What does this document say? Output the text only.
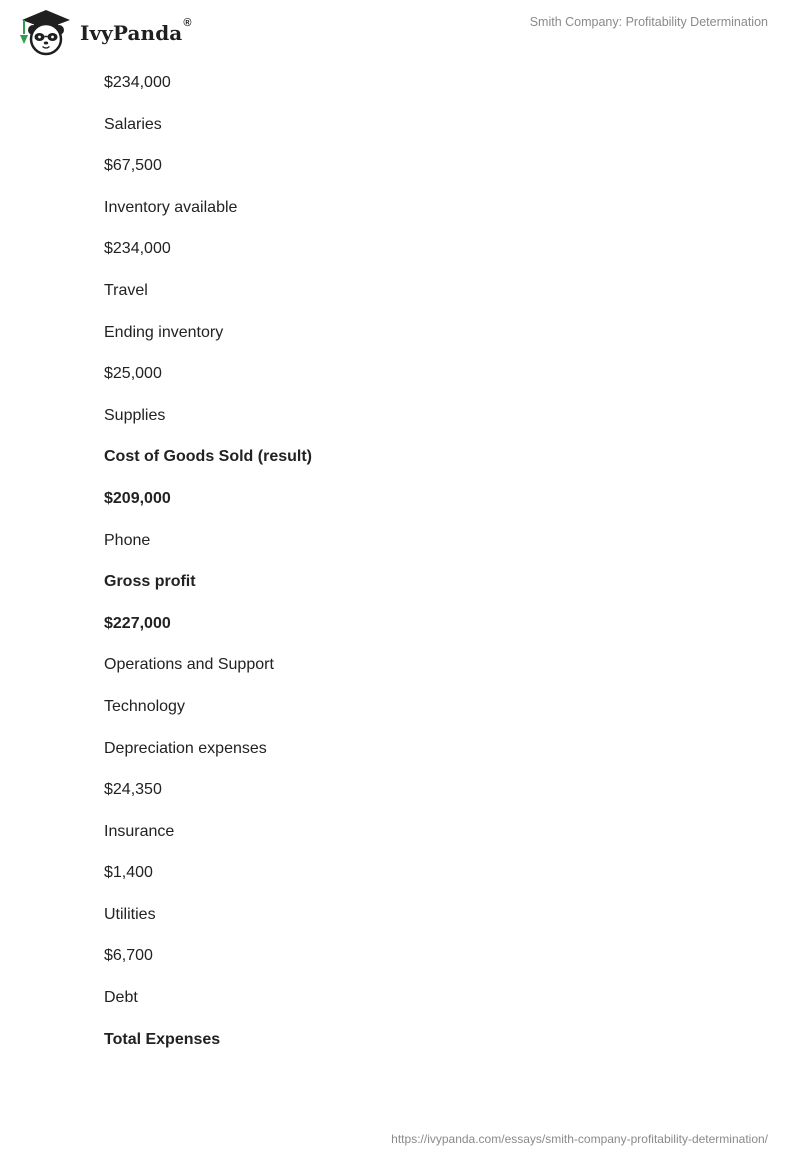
IvyPanda®	Smith Company: Profitability Determination
$234,000
Salaries
$67,500
Inventory available
$234,000
Travel
Ending inventory
$25,000
Supplies
Cost of Goods Sold (result)
$209,000
Phone
Gross profit
$227,000
Operations and Support
Technology
Depreciation expenses
$24,350
Insurance
$1,400
Utilities
$6,700
Debt
Total Expenses
https://ivypanda.com/essays/smith-company-profitability-determination/
